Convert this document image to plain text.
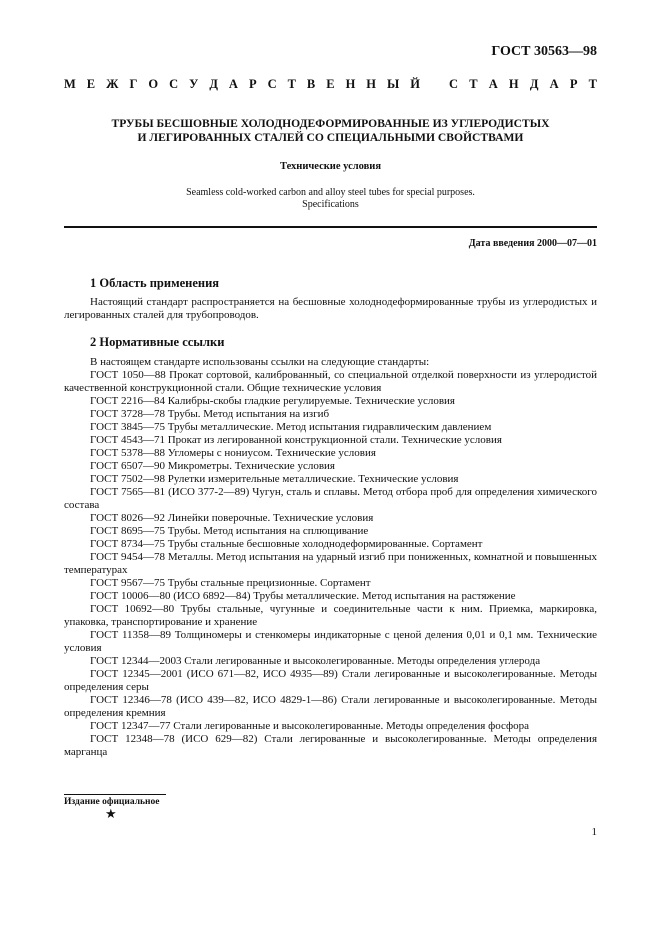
ГОСТ 30563—98
М Е Ж Г О С У Д А Р С Т В Е Н Н Ы Й С Т А Н Д А Р Т
ТРУБЫ БЕСШОВНЫЕ ХОЛОДНОДЕФОРМИРОВАННЫЕ ИЗ УГЛЕРОДИСТЫХ
И ЛЕГИРОВАННЫХ СТАЛЕЙ СО СПЕЦИАЛЬНЫМИ СВОЙСТВАМИ
Технические условия
Seamless cold-worked carbon and alloy steel tubes for special purposes.
Specifications
Дата введения 2000—07—01
1 Область применения
Настоящий стандарт распространяется на бесшовные холоднодеформированные трубы из углеродистых и легированных сталей для трубопроводов.
2 Нормативные ссылки

В настоящем стандарте использованы ссылки на следующие стандарты:

ГОСТ 1050—88 Прокат сортовой, калиброванный, со специальной отделкой поверхности из углеродистой качественной конструкционной стали. Общие технические условия

ГОСТ 2216—84 Калибры-скобы гладкие регулируемые. Технические условия

ГОСТ 3728—78 Трубы. Метод испытания на изгиб

ГОСТ 3845—75 Трубы металлические. Метод испытания гидравлическим давлением

ГОСТ 4543—71 Прокат из легированной конструкционной стали. Технические условия

ГОСТ 5378—88 Угломеры с нониусом. Технические условия

ГОСТ 6507—90 Микрометры. Технические условия

ГОСТ 7502—98 Рулетки измерительные металлические. Технические условия

ГОСТ 7565—81 (ИСО 377-2—89) Чугун, сталь и сплавы. Метод отбора проб для определения химического состава

ГОСТ 8026—92 Линейки поверочные. Технические условия

ГОСТ 8695—75 Трубы. Метод испытания на сплющивание

ГОСТ 8734—75 Трубы стальные бесшовные холоднодеформированные. Сортамент

ГОСТ 9454—78 Металлы. Метод испытания на ударный изгиб при пониженных, комнатной и повышенных температурах

ГОСТ 9567—75 Трубы стальные прецизионные. Сортамент

ГОСТ 10006—80 (ИСО 6892—84) Трубы металлические. Метод испытания на растяжение

ГОСТ 10692—80 Трубы стальные, чугунные и соединительные части к ним. Приемка, маркировка, упаковка, транспортирование и хранение

ГОСТ 11358—89 Толщиномеры и стенкомеры индикаторные с ценой деления 0,01 и 0,1 мм. Технические условия

ГОСТ 12344—2003 Стали легированные и высоколегированные. Методы определения углерода

ГОСТ 12345—2001 (ИСО 671—82, ИСО 4935—89) Стали легированные и высоколегированные. Методы определения серы

ГОСТ 12346—78 (ИСО 439—82, ИСО 4829-1—86) Стали легированные и высоколегированные. Методы определения кремния

ГОСТ 12347—77 Стали легированные и высоколегированные. Методы определения фосфора

ГОСТ 12348—78 (ИСО 629—82) Стали легированные и высоколегированные. Методы определения марганца

Издание официальное
★
1
